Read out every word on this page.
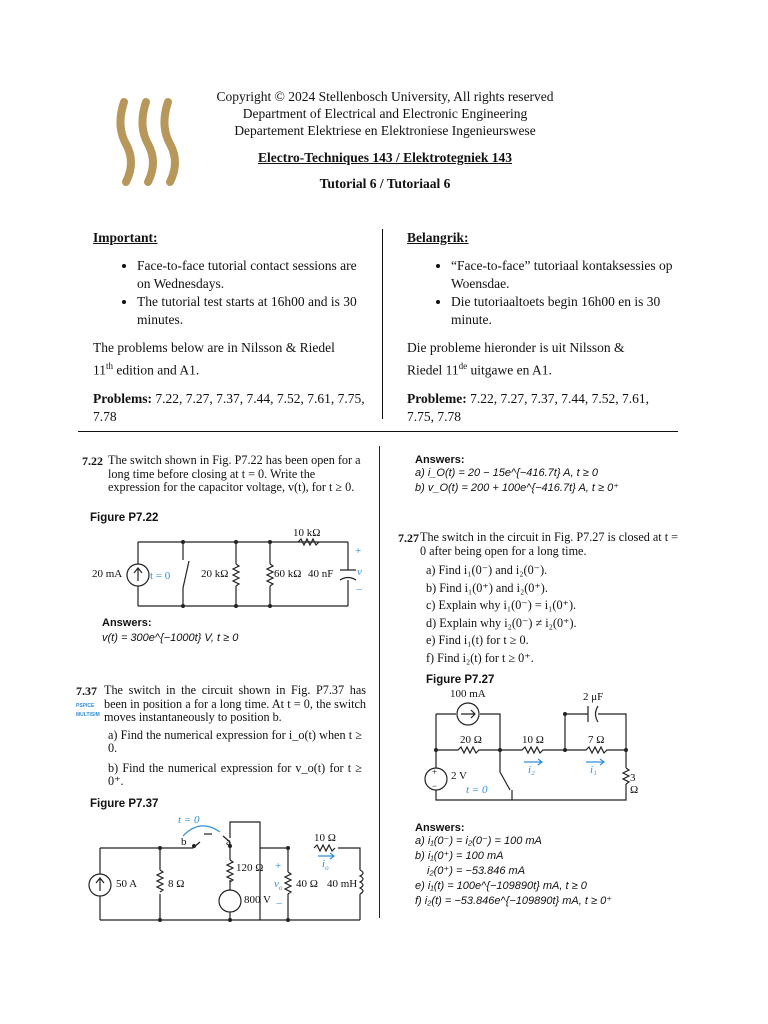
Copyright © 2024 Stellenbosch University, All rights reserved
Department of Electrical and Electronic Engineering
Departement Elektriese en Elektroniese Ingenieurswese
Electro-Techniques 143 / Elektrotegniek 143
Tutorial 6 / Tutoriaal 6

Important:

• Face-to-face tutorial contact sessions are on Wednesdays.
• The tutorial test starts at 16h00 and is 30 minutes.

The problems below are in Nilsson & Riedel
11th edition and A1.

Problems: 7.22, 7.27, 7.37, 7.44, 7.52, 7.61, 7.75, 7.78

Belangrik:

• “Face-to-face” tutoriaal kontaksessies op Woensdae.
• Die tutoriaaltoets begin 16h00 en is 30 minute.

Die probleme hieronder is uit Nilsson &
Riedel 11de uitgawe en A1.

Probleme: 7.22, 7.27, 7.37, 7.44, 7.52, 7.61, 7.75, 7.78

7.22 The switch shown in Fig. P7.22 has been open for a long time before closing at t = 0. Write the expression for the capacitor voltage, v(t), for t ≥ 0.
Figure P7.22
20 mA	t = 0	20 kΩ	60 kΩ
10 kΩ
40 nF
+
v
−
Answers:
v(t) = 300e^{−1000t} V, t ≥ 0
7.37
PSPICE
MULTISIM
The switch in the circuit shown in Fig. P7.37 has been in position a for a long time. At t = 0, the switch moves instantaneously to position b.
a) Find the numerical expression for i_o(t) when t ≥ 0.
b) Find the numerical expression for v_o(t) for t ≥ 0⁺.
Figure P7.37
t = 0
b	a
50 A	8 Ω
120 Ω
800 V
+
$v_o$
−
10 Ω
$i_o$
40 Ω 40 mH
Answers:
a) i_O(t) = 20 − 15e^{−416.7t} A, t ≥ 0
b) v_O(t) = 200 + 100e^{−416.7t} A, t ≥ 0⁺
7.27 The switch in the circuit in Fig. P7.27 is closed at t = 0 after being open for a long time.
a) Find i₁(0⁻) and i₂(0⁻).
b) Find i₁(0⁺) and i₂(0⁺).
c) Explain why i₁(0⁻) = i₁(0⁺).
d) Explain why i₂(0⁻) ≠ i₂(0⁺).
e) Find i₁(t) for t ≥ 0.
f) Find i₂(t) for t ≥ 0⁺.
Figure P7.27
+
−
100 mA	2 μF
20 Ω	10 Ω	7 Ω
2 V	3 Ω
i₂	i₁
t = 0
Answers:
a) i₁(0⁻) = i₂(0⁻) = 100 mA
b) i₁(0⁺) = 100 mA
i₂(0⁺) = −53.846 mA
e) i₁(t) = 100e^{−109890t} mA, t ≥ 0
f) i₂(t) = −53.846e^{−109890t} mA, t ≥ 0⁺
